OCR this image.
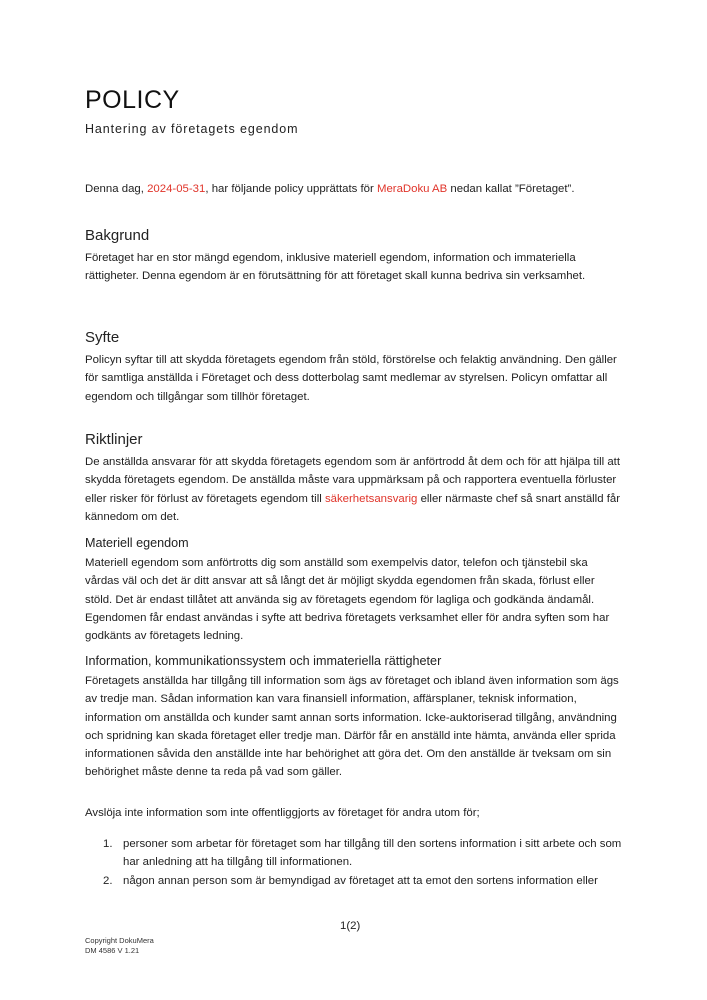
POLICY
Hantering av företagets egendom
Denna dag, 2024-05-31, har följande policy upprättats för MeraDoku AB nedan kallat ”Företaget”.
Bakgrund
Företaget har en stor mängd egendom, inklusive materiell egendom, information och immateriella rättigheter. Denna egendom är en förutsättning för att företaget skall kunna bedriva sin verksamhet.
Syfte
Policyn syftar till att skydda företagets egendom från stöld, förstörelse och felaktig användning. Den gäller för samtliga anställda i Företaget och dess dotterbolag samt medlemar av styrelsen. Policyn omfattar all egendom och tillgångar som tillhör företaget.
Riktlinjer
De anställda ansvarar för att skydda företagets egendom som är anförtrodd åt dem och för att hjälpa till att skydda företagets egendom. De anställda måste vara uppmärksam på och rapportera eventuella förluster eller risker för förlust av företagets egendom till säkerhetsansvarig eller närmaste chef så snart anställd får kännedom om det.
Materiell egendom
Materiell egendom som anförtrotts dig som anställd som exempelvis dator, telefon och tjänstebil ska vårdas väl och det är ditt ansvar att så långt det är möjligt skydda egendomen från skada, förlust eller stöld. Det är endast tillåtet att använda sig av företagets egendom för lagliga och godkända ändamål. Egendomen får endast användas i syfte att bedriva företagets verksamhet eller för andra syften som har godkänts av företagets ledning.
Information, kommunikationssystem och immateriella rättigheter
Företagets anställda har tillgång till information som ägs av företaget och ibland även information som ägs av tredje man. Sådan information kan vara finansiell information, affärsplaner, teknisk information, information om anställda och kunder samt annan sorts information. Icke-auktoriserad tillgång, användning och spridning kan skada företaget eller tredje man. Därför får en anställd inte hämta, använda eller sprida informationen såvida den anställde inte har behörighet att göra det. Om den anställde är tveksam om sin behörighet måste denne ta reda på vad som gäller.
Avslöja inte information som inte offentliggjorts av företaget för andra utom för;
1. personer som arbetar för företaget som har tillgång till den sortens information i sitt arbete och som har anledning att ha tillgång till informationen.
2. någon annan person som är bemyndigad av företaget att ta emot den sortens information eller
1(2)
Copyright DokuMera
DM 4586 V 1.21
